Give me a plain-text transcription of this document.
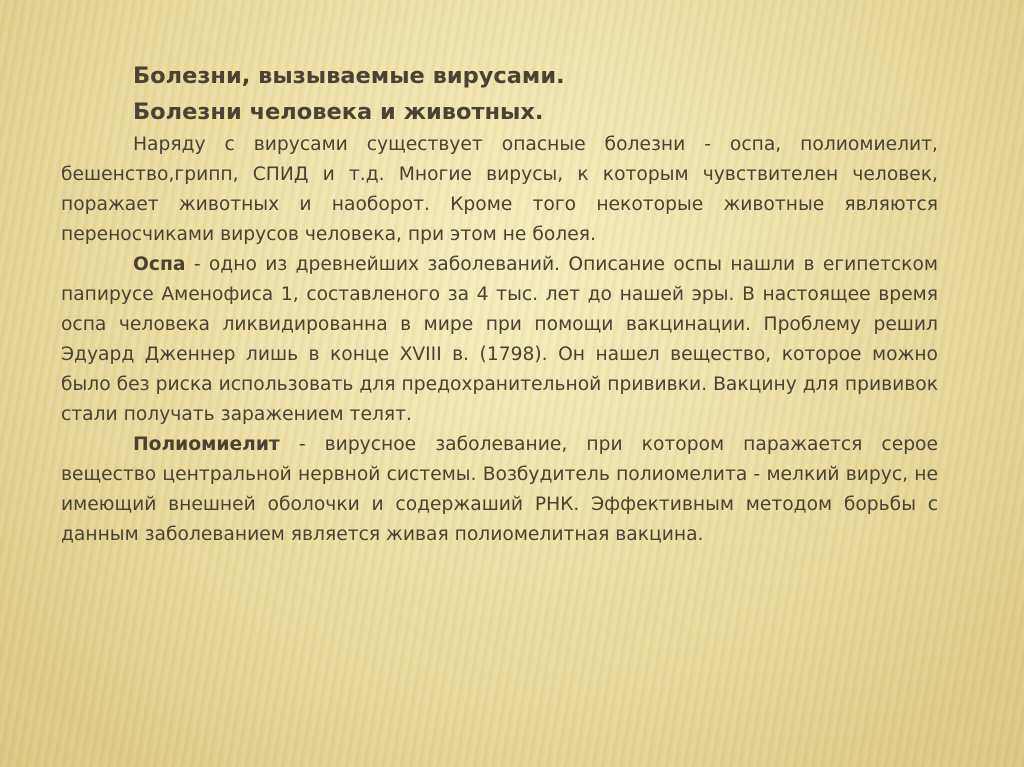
Болезни, вызываемые вирусами.

Болезни человека и животных.

Наряду с вирусами существует опасные болезни - оспа, полиомиелит, бешенство,грипп, СПИД и т.д. Многие вирусы, к которым чувствителен человек, поражает животных и наоборот. Кроме того некоторые животные являются переносчиками вирусов человека, при этом не болея.

Оспа - одно из древнейших заболеваний. Описание оспы нашли в египетском папирусе Аменофиса 1, составленого за 4 тыс. лет до нашей эры. В настоящее время оспа человека ликвидированна в мире при помощи вакцинации. Проблему решил Эдуард Дженнер лишь в конце XVIII в. (1798). Он нашел вещество, которое можно было без риска использовать для предохранительной прививки. Вакцину для прививок стали получать заражением телят.

Полиомиелит - вирусное заболевание, при котором паражается серое вещество центральной нервной системы. Возбудитель полиомелита - мелкий вирус, не имеющий внешней оболочки и содержаший РНК. Эффективным методом борьбы с данным заболеванием является живая полиомелитная вакцина.
